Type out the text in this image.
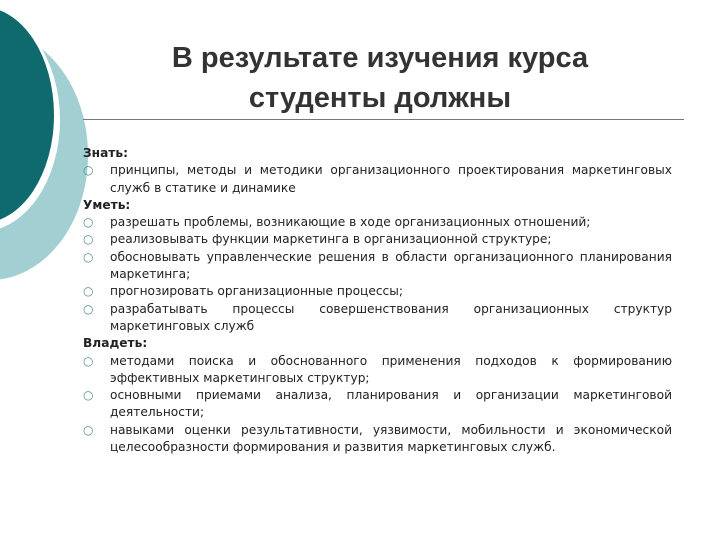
В результате изучения курса
студенты должны
Знать:
○ принципы, методы и методики организационного проектирования маркетинговых служб в статике и динамике
Уметь:
○ разрешать проблемы, возникающие в ходе организационных отношений;
○ реализовывать функции маркетинга в организационной структуре;
○ обосновывать управленческие решения в области организационного планирования маркетинга;
○ прогнозировать организационные процессы;
○ разрабатывать процессы совершенствования организационных структур маркетинговых служб
Владеть:
○ методами поиска и обоснованного применения подходов к формированию эффективных маркетинговых структур;
○ основными приемами анализа, планирования и организации маркетинговой деятельности;
○ навыками оценки результативности, уязвимости, мобильности и экономической целесообразности формирования и развития маркетинговых служб.
